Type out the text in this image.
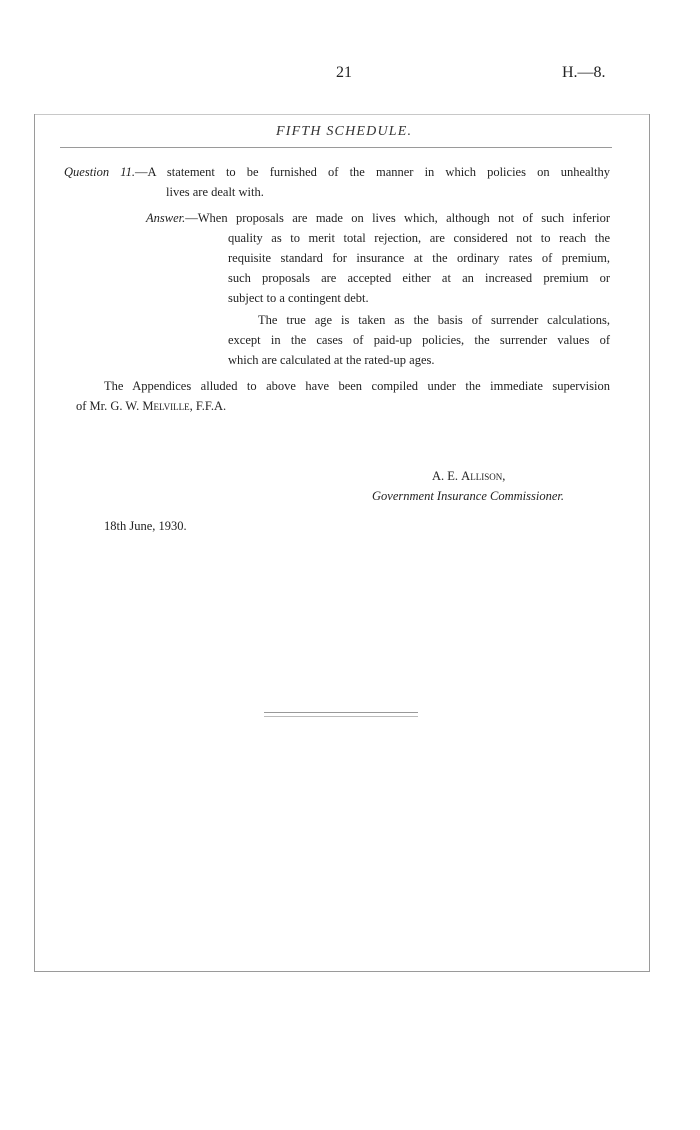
21	H.—8.
FIFTH SCHEDULE.
Question 11.—A statement to be furnished of the manner in which policies on unhealthy
lives are dealt with.
Answer.—When proposals are made on lives which, although not of such inferior
quality as to merit total rejection, are considered not to reach the
requisite standard for insurance at the ordinary rates of premium,
such proposals are accepted either at an increased premium or
subject to a contingent debt.
The true age is taken as the basis of surrender calculations,
except in the cases of paid-up policies, the surrender values of
which are calculated at the rated-up ages.
The Appendices alluded to above have been compiled under the immediate supervision
of Mr. G. W. Melville, F.F.A.
A. E. Allison,
Government Insurance Commissioner.
18th June, 1930.
